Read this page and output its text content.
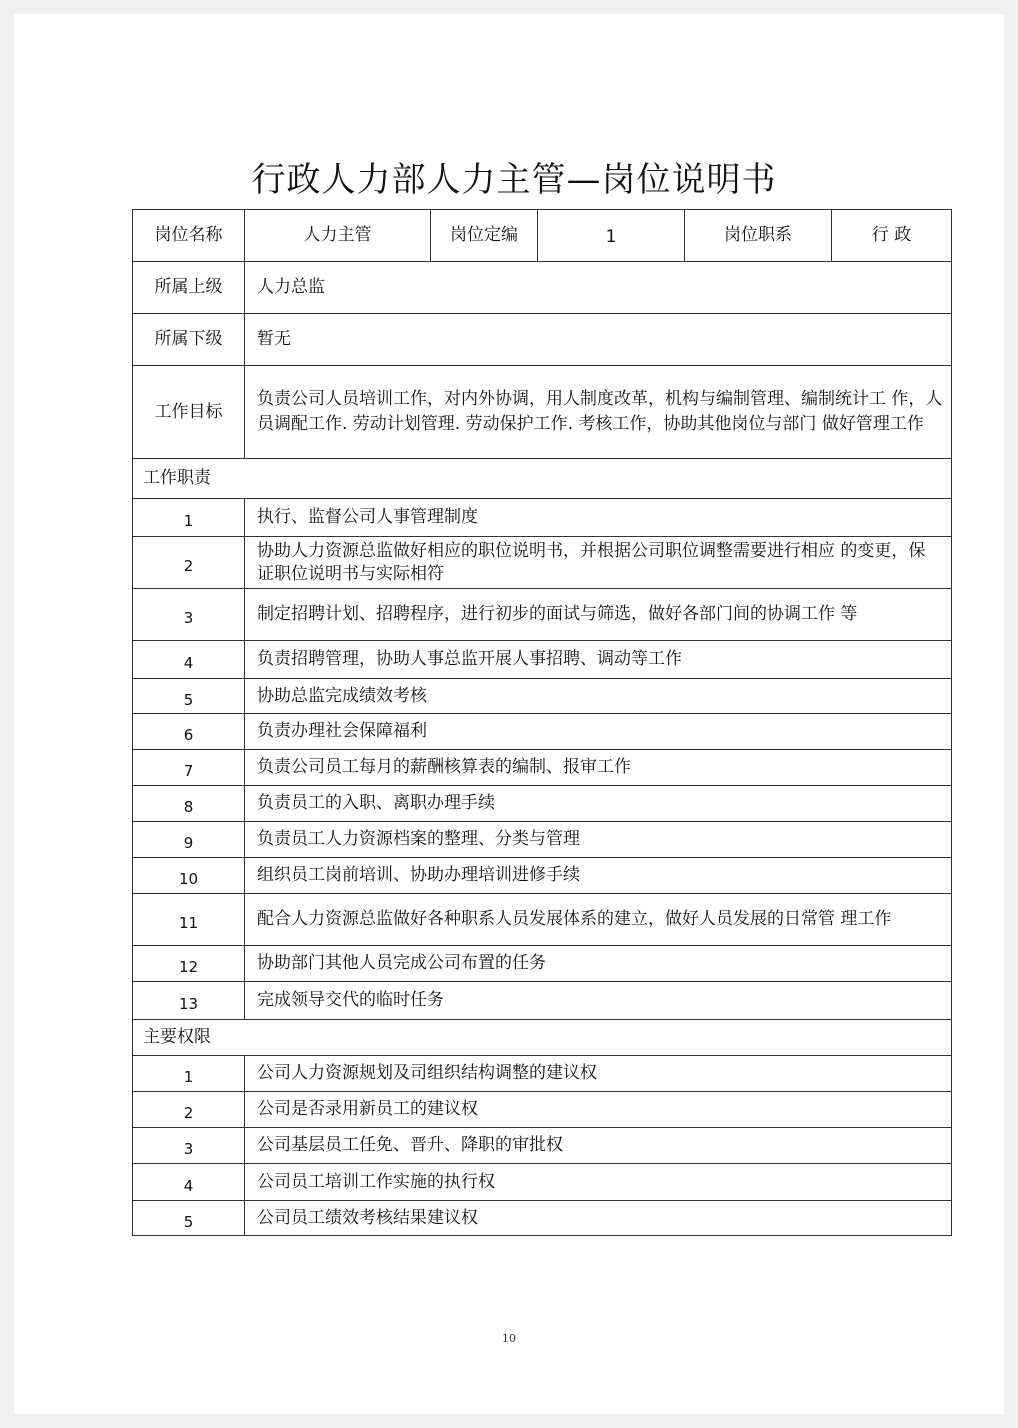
行政人力部人力主管—岗位说明书
岗位名称	人力主管	岗位定编	1	岗位职系	行 政
所属上级	人力总监				
所属下级	暂无				
工作目标	负责公司人员培训工作，对内外协调，用人制度改革，机构与编制管理、编制统计工 作，人员调配工作. 劳动计划管理. 劳动保护工作. 考核工作，协助其他岗位与部门 做好管理工作				
工作职责					
1	执行、监督公司人事管理制度				
2	协助人力资源总监做好相应的职位说明书，并根据公司职位调整需要进行相应 的变更，保证职位说明书与实际相符				
3	制定招聘计划、招聘程序，进行初步的面试与筛选，做好各部门间的协调工作 等				
4	负责招聘管理，协助人事总监开展人事招聘、调动等工作				
5	协助总监完成绩效考核				
6	负责办理社会保障福利				
7	负责公司员工每月的薪酬核算表的编制、报审工作				
8	负责员工的入职、离职办理手续				
9	负责员工人力资源档案的整理、分类与管理				
10	组织员工岗前培训、协助办理培训进修手续				
11	配合人力资源总监做好各种职系人员发展体系的建立，做好人员发展的日常管 理工作				
12	协助部门其他人员完成公司布置的任务				
13	完成领导交代的临时任务				
主要权限					
1	公司人力资源规划及司组织结构调整的建议权				
2	公司是否录用新员工的建议权				
3	公司基层员工任免、晋升、降职的审批权				
4	公司员工培训工作实施的执行权				
5	公司员工绩效考核结果建议权				
10
